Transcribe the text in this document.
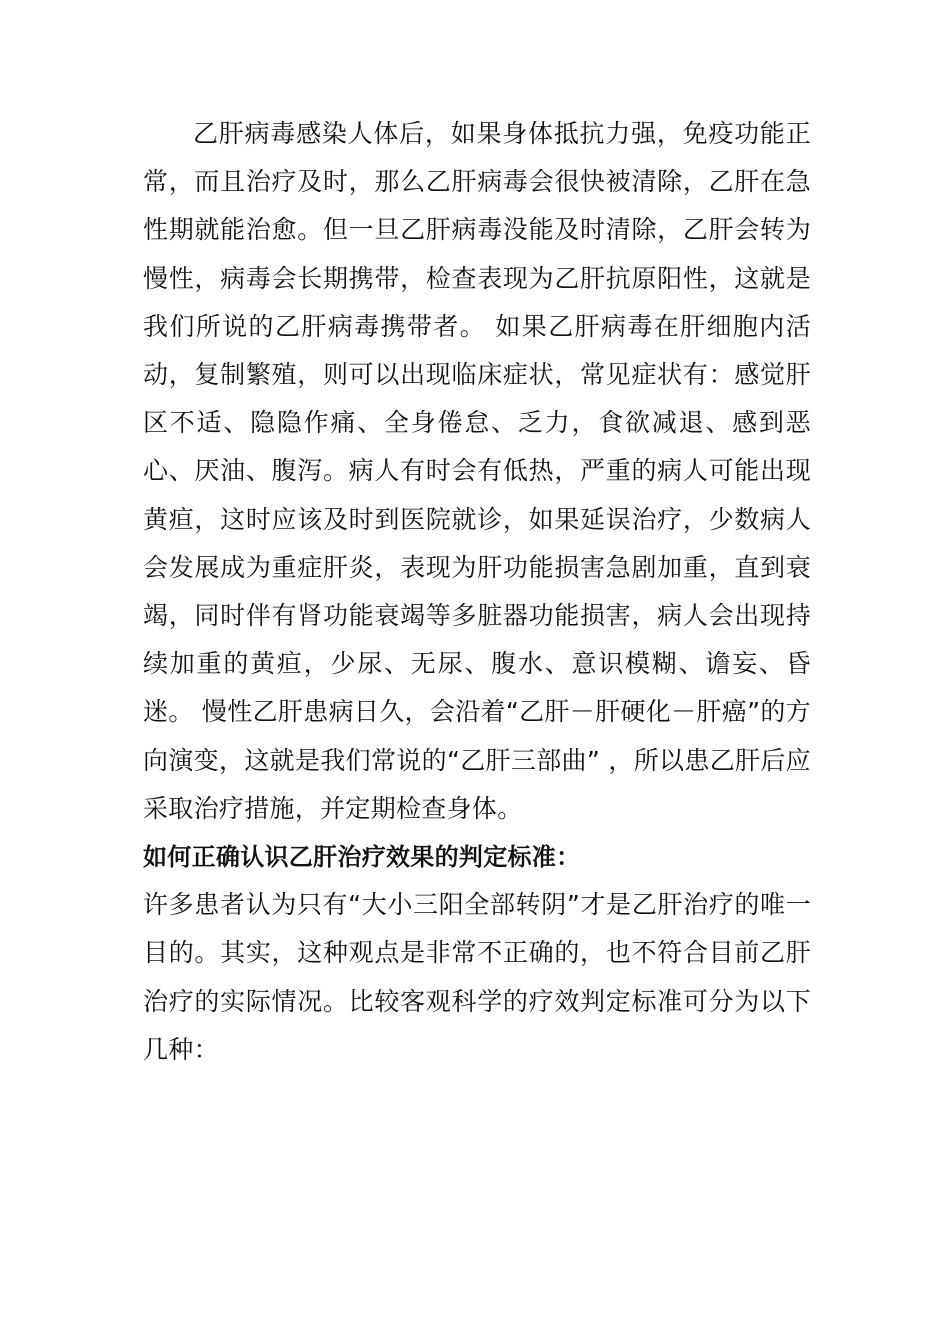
乙肝病毒感染人体后，如果身体抵抗力强，免疫功能正常，而且治疗及时，那么乙肝病毒会很快被清除，乙肝在急性期就能治愈。但一旦乙肝病毒没能及时清除，乙肝会转为慢性，病毒会长期携带，检查表现为乙肝抗原阳性，这就是我们所说的乙肝病毒携带者。 如果乙肝病毒在肝细胞内活动，复制繁殖，则可以出现临床症状，常见症状有：感觉肝区不适、隐隐作痛、全身倦怠、乏力，食欲减退、感到恶心、厌油、腹泻。病人有时会有低热，严重的病人可能出现黄疸，这时应该及时到医院就诊，如果延误治疗，少数病人会发展成为重症肝炎，表现为肝功能损害急剧加重，直到衰竭，同时伴有肾功能衰竭等多脏器功能损害，病人会出现持续加重的黄疸，少尿、无尿、腹水、意识模糊、谵妄、昏迷。 慢性乙肝患病日久，会沿着“乙肝－肝硬化－肝癌”的方向演变，这就是我们常说的“乙肝三部曲” ，所以患乙肝后应采取治疗措施，并定期检查身体。

如何正确认识乙肝治疗效果的判定标准：

许多患者认为只有“大小三阳全部转阴”才是乙肝治疗的唯一目的。其实，这种观点是非常不正确的，也不符合目前乙肝治疗的实际情况。比较客观科学的疗效判定标准可分为以下几种：
